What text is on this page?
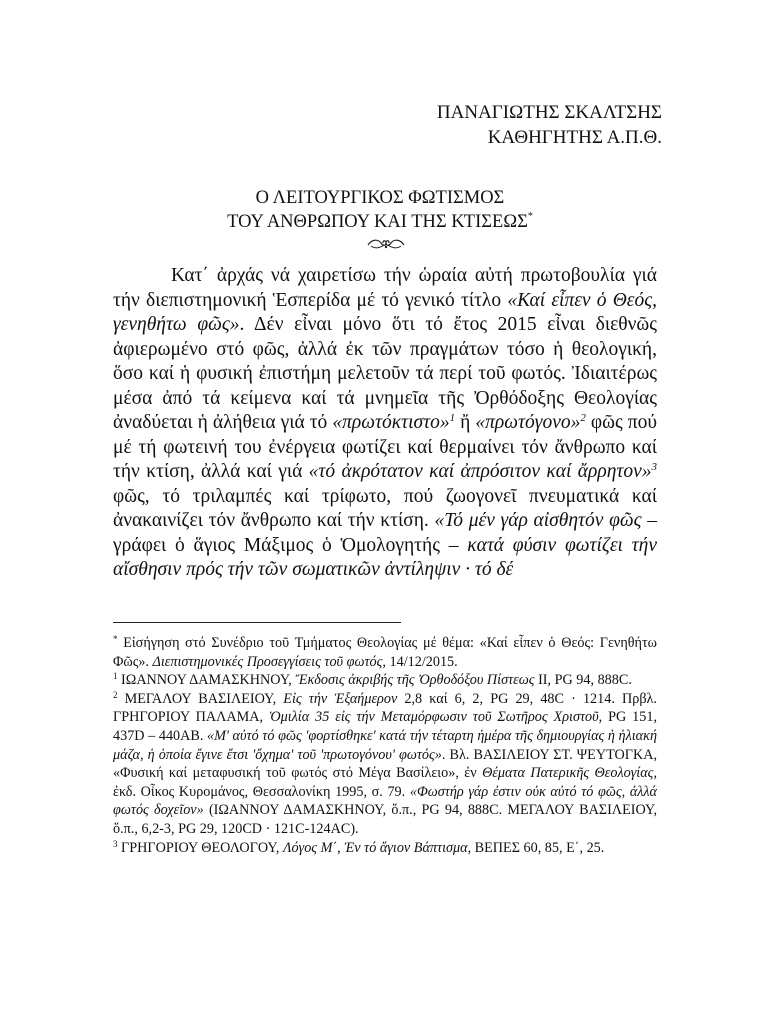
ΠΑΝΑΓΙΩΤΗΣ ΣΚΑΛΤΣΗΣ
ΚΑΘΗΓΗΤΗΣ Α.Π.Θ.
Ο ΛΕΙΤΟΥΡΓΙΚΟΣ ΦΩΤΙΣΜΟΣ
ΤΟΥ ΑΝΘΡΩΠΟΥ ΚΑΙ ΤΗΣ ΚΤΙΣΕΩΣ*

Κατ΄ ἀρχάς νά χαιρετίσω τήν ὡραία αὐτή πρωτοβουλία γιά τήν διεπιστημονική Ἑσπερίδα μέ τό γενικό τίτλο «Καί εἶπεν ὁ Θεός, γενηθήτω φῶς». Δέν εἶναι μόνο ὅτι τό ἔτος 2015 εἶναι διεθνῶς ἀφιερωμένο στό φῶς, ἀλλά ἐκ τῶν πραγμάτων τόσο ἡ θεολογική, ὅσο καί ἡ φυσική ἐπιστήμη μελετοῦν τά περί τοῦ φωτός. Ἰδιαιτέρως μέσα ἀπό τά κείμενα καί τά μνημεῖα τῆς Ὀρθόδοξης Θεολογίας ἀναδύεται ἡ ἀλήθεια γιά τό «πρωτόκτιστο»$^1$ ἤ «πρωτόγονο»$^2$ φῶς πού μέ τή φωτεινή του ἐνέργεια φωτίζει καί θερμαίνει τόν ἄνθρωπο καί τήν κτίση, ἀλλά καί γιά «τό ἀκρότατον καί ἀπρόσιτον καί ἄρρητον»$^3$ φῶς, τό τριλαμπές καί τρίφωτο, πού ζωογονεῖ πνευματικά καί ἀνακαινίζει τόν ἄνθρωπο καί τήν κτίση. «Τό μέν γάρ αἰσθητόν φῶς – γράφει ὁ ἅγιος Μάξιμος ὁ Ὁμολογητής – κατά φύσιν φωτίζει τήν αἴσθησιν πρός τήν τῶν σωματικῶν ἀντίληψιν · τό δέ

* Εἰσήγηση στό Συνέδριο τοῦ Τμήματος Θεολογίας μέ θέμα: «Καί εἶπεν ὁ Θεός: Γενηθήτω Φῶς». Διεπιστημονικές Προσεγγίσεις τοῦ φωτός, 14/12/2015.

$^1$ ΙΩΑΝΝΟΥ ΔΑΜΑΣΚΗΝΟΥ, Ἔκδοσις ἀκριβής τῆς Ὀρθοδόξου Πίστεως II, PG 94, 888C.

$^2$ ΜΕΓΑΛΟΥ ΒΑΣΙΛΕΙΟΥ, Εἰς τήν Ἑξαήμερον 2,8 καί 6, 2, PG 29, 48C · 1214. Πρβλ. ΓΡΗΓΟΡΙΟΥ ΠΑΛΑΜΑ, Ὁμιλία 35 εἰς τήν Μεταμόρφωσιν τοῦ Σωτῆρος Χριστοῦ, PG 151, 437D – 440AB. «Μ' αὐτό τό φῶς 'φορτίσθηκε' κατά τήν τέταρτη ἡμέρα τῆς δημιουργίας ἡ ἡλιακή μάζα, ἡ ὁποία ἔγινε ἔτσι 'ὄχημα' τοῦ 'πρωτογόνου' φωτός». Βλ. ΒΑΣΙΛΕΙΟΥ ΣΤ. ΨΕΥΤΟΓΚΑ, «Φυσική καί μεταφυσική τοῦ φωτός στό Μέγα Βασίλειο», ἐν Θέματα Πατερικῆς Θεολογίας, ἐκδ. Οἶκος Κυρομάνος, Θεσσαλονίκη 1995, σ. 79. «Φωστήρ γάρ ἐστιν οὐκ αὐτό τό φῶς, ἀλλά φωτός δοχεῖον» (ΙΩΑΝΝΟΥ ΔΑΜΑΣΚΗΝΟΥ, ὅ.π., PG 94, 888C. ΜΕΓΑΛΟΥ ΒΑΣΙΛΕΙΟΥ, ὅ.π., 6,2-3, PG 29, 120CD · 121C-124AC).

$^3$ ΓΡΗΓΟΡΙΟΥ ΘΕΟΛΟΓΟΥ, Λόγος Μ΄, Ἐν τό ἅγιον Βάπτισμα, ΒΕΠΕΣ 60, 85, Ε΄, 25.
